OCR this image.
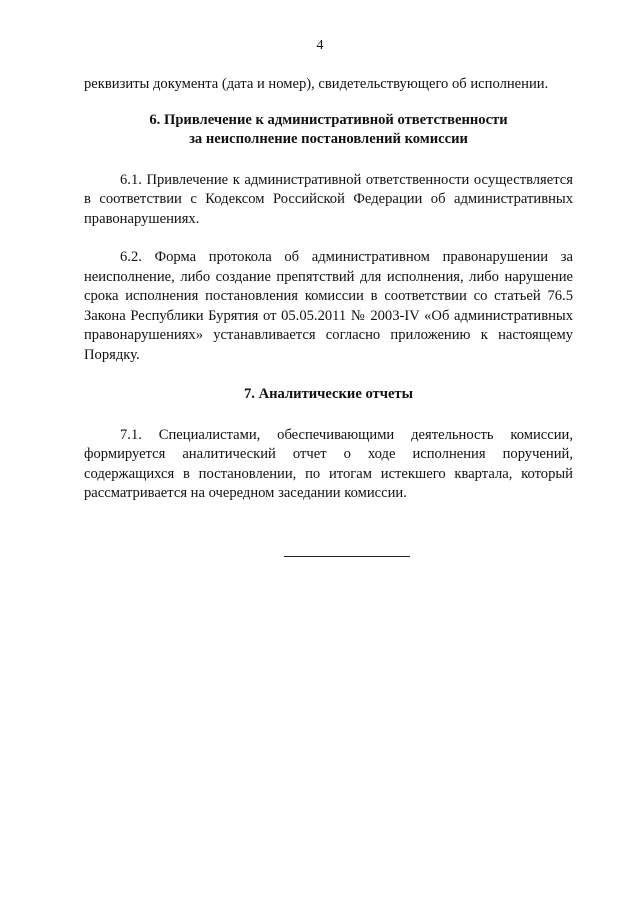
4

реквизиты документа (дата и номер), свидетельствующего об исполнении.

6. Привлечение к административной ответственности

за неисполнение постановлений комиссии

6.1. Привлечение к административной ответственности осуществляется в соответствии с Кодексом Российской Федерации об административных правонарушениях.

6.2. Форма протокола об административном правонарушении за неисполнение, либо создание препятствий для исполнения, либо нарушение срока исполнения постановления комиссии в соответствии со статьей 76.5 Закона Республики Бурятия от 05.05.2011 № 2003-IV «Об административных правонарушениях» устанавливается согласно приложению к настоящему Порядку.

7. Аналитические отчеты

7.1. Специалистами, обеспечивающими деятельность комиссии, формируется аналитический отчет о ходе исполнения поручений, содержащихся в постановлении, по итогам истекшего квартала, который рассматривается на очередном заседании комиссии.
